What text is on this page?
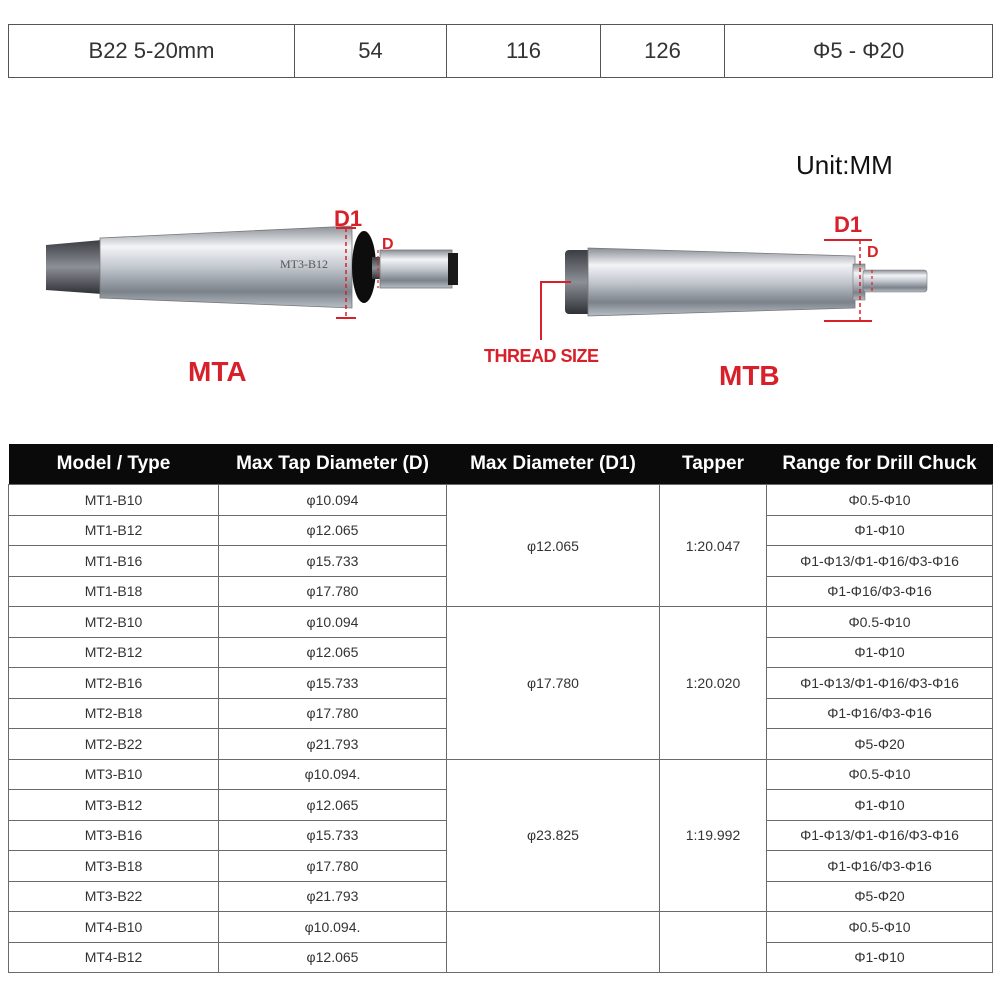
B22 5-20mm	54	116	126	Φ5 - Φ20
Unit:MM
MT3-B12
D1
D
D1
D
MTA	MTB
THREAD SIZE
Model / Type	Max Tap Diameter (D)	Max Diameter (D1)	Tapper	Range for Drill Chuck
MT1-B10	φ10.094	φ12.065	1:20.047	Φ0.5-Φ10
MT1-B12	φ12.065			Φ1-Φ10
MT1-B16	φ15.733			Φ1-Φ13/Φ1-Φ16/Φ3-Φ16
MT1-B18	φ17.780			Φ1-Φ16/Φ3-Φ16
MT2-B10	φ10.094	φ17.780	1:20.020	Φ0.5-Φ10
MT2-B12	φ12.065			Φ1-Φ10
MT2-B16	φ15.733			Φ1-Φ13/Φ1-Φ16/Φ3-Φ16
MT2-B18	φ17.780			Φ1-Φ16/Φ3-Φ16
MT2-B22	φ21.793			Φ5-Φ20
MT3-B10	φ10.094.	φ23.825	1:19.992	Φ0.5-Φ10
MT3-B12	φ12.065			Φ1-Φ10
MT3-B16	φ15.733			Φ1-Φ13/Φ1-Φ16/Φ3-Φ16
MT3-B18	φ17.780			Φ1-Φ16/Φ3-Φ16
MT3-B22	φ21.793			Φ5-Φ20
MT4-B10	φ10.094.			Φ0.5-Φ10
MT4-B12	φ12.065			Φ1-Φ10
